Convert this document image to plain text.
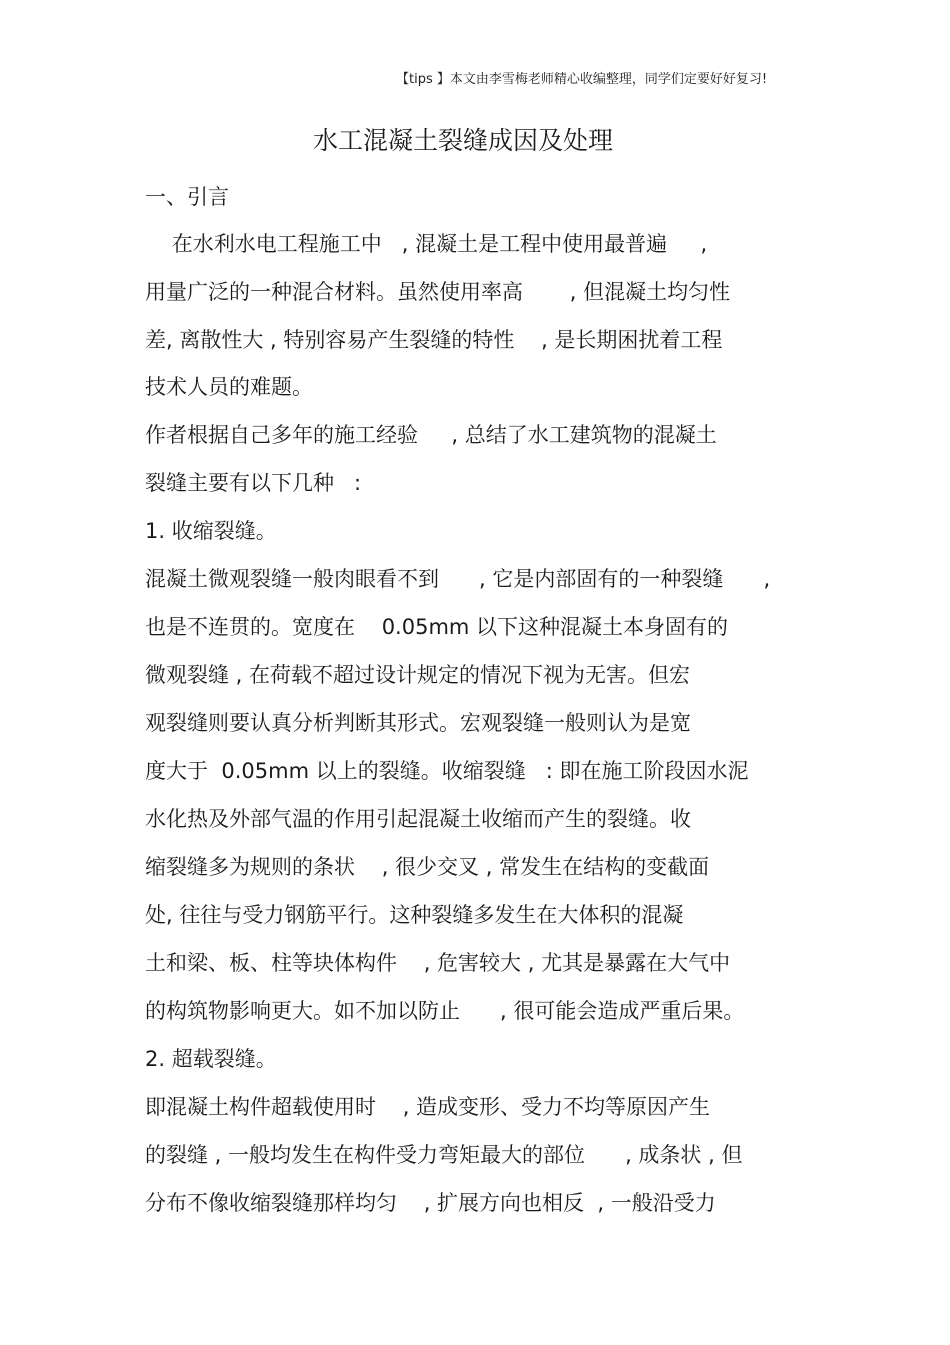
【tips 】本文由李雪梅老师精心收编整理，同学们定要好好复习!
水工混凝土裂缝成因及处理
一、引言
在水利水电工程施工中   , 混凝土是工程中使用最普遍     ,
用量广泛的一种混合材料。虽然使用率高       , 但混凝土均匀性
差, 离散性大 , 特别容易产生裂缝的特性    , 是长期困扰着工程
技术人员的难题。
作者根据自己多年的施工经验     , 总结了水工建筑物的混凝土
裂缝主要有以下几种   :
1. 收缩裂缝。
混凝土微观裂缝一般肉眼看不到      , 它是内部固有的一种裂缝      ,
也是不连贯的。宽度在    0.05mm 以下这种混凝土本身固有的
微观裂缝 , 在荷载不超过设计规定的情况下视为无害。但宏
观裂缝则要认真分析判断其形式。宏观裂缝一般则认为是宽
度大于  0.05mm 以上的裂缝。收缩裂缝   : 即在施工阶段因水泥
水化热及外部气温的作用引起混凝土收缩而产生的裂缝。收
缩裂缝多为规则的条状    , 很少交叉 , 常发生在结构的变截面
处, 往往与受力钢筋平行。这种裂缝多发生在大体积的混凝
土和梁、板、柱等块体构件    , 危害较大 , 尤其是暴露在大气中
的构筑物影响更大。如不加以防止      , 很可能会造成严重后果。
2. 超载裂缝。
即混凝土构件超载使用时    , 造成变形、受力不均等原因产生
的裂缝 , 一般均发生在构件受力弯矩最大的部位      , 成条状 , 但
分布不像收缩裂缝那样均匀    , 扩展方向也相反  , 一般沿受力
